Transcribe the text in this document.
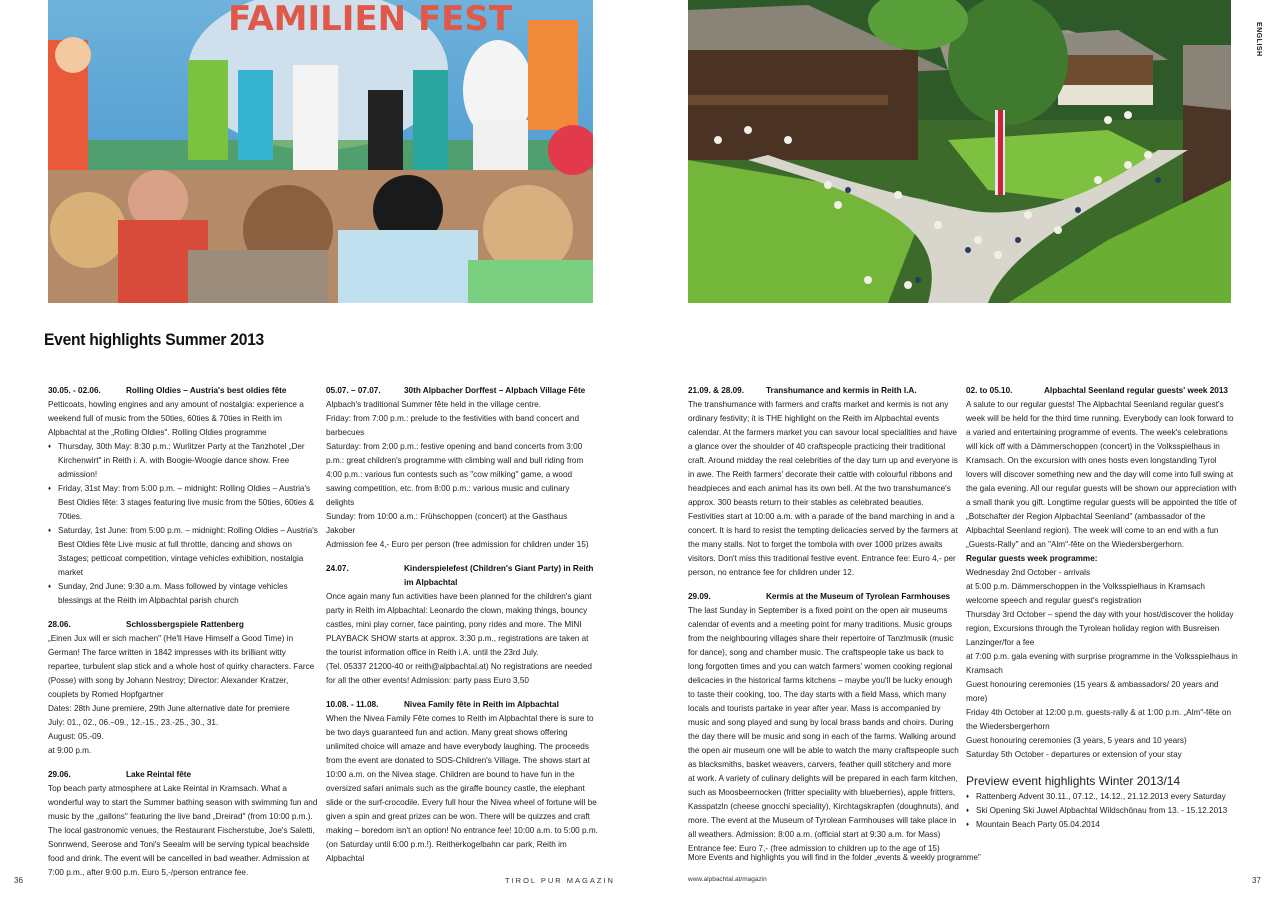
FAMILIEN FEST
ENGLISH
Event highlights Summer 2013
30.05. - 02.06.	Rolling Oldies – Austria's best oldies fête

Petticoats, howling engines and any amount of nostalgia: experience a weekend full of music from the 50ties, 60ties & 70ties in Reith im Alpbachtal at the „Rolling Oldies". Rolling Oldies programme

♦ Thursday, 30th May: 8:30 p.m.: Wurlitzer Party at the Tanzhotel „Der Kirchenwirt" in Reith i. A. with Boogie-Woogie dance show. Free admission!
♦ Friday, 31st May: from 5:00 p.m. – midnight: Rolling Oldies – Austria's Best Oldies fête: 3 stages featuring live music from the 50ties, 60ties & 70ties.
♦ Saturday, 1st June: from 5:00 p.m. – midnight: Rolling Oldies – Austria's Best Oldies fête Live music at full throttle, dancing and shows on 3stages; petticoat competition, vintage vehicles exhibition, nostalgia market
♦ Sunday, 2nd June: 9:30 a.m. Mass followed by vintage vehicles blessings at the Reith im Alpbachtal parish church
28.06.	Schlossbergspiele Rattenberg

„Einen Jux will er sich machen" (He'll Have Himself a Good Time) in German! The farce written in 1842 impresses with its brilliant witty repartee, turbulent slap stick and a whole host of quirky characters. Farce (Posse) with song by Johann Nestroy; Director: Alexander Kratzer, couplets by Romed Hopfgartner

Dates: 28th June premiere, 29th June alternative date for premiere

July: 01., 02., 06.–09., 12.-15., 23.-25., 30., 31.

August: 05.-09.

at 9:00 p.m.

29.06.	Lake Reintal fête

Top beach party atmosphere at Lake Reintal in Kramsach. What a wonderful way to start the Summer bathing season with swimming fun and music by the „gallons" featuring the live band „Dreirad" (from 10:00 p.m.). The local gastronomic venues, the Restaurant Fischerstube, Joe's Saletti, Sonnwend, Seerose and Toni's Seealm will be serving typical beachside food and drink. The event will be cancelled in bad weather. Admission at 7:00 p.m., after 9:00 p.m. Euro 5,-/person entrance fee.

05.07. – 07.07.	30th Alpbacher Dorffest – Alpbach Village Fête

Alpbach's traditional Summer fête held in the village centre.

Friday: from 7:00 p.m.: prelude to the festivities with band concert and barbecues

Saturday: from 2:00 p.m.: festive opening and band concerts from 3:00 p.m.: great children's programme with climbing wall and bull riding from 4:00 p.m.: various fun contests such as "cow milking" game, a wood sawing competition, etc. from 8:00 p.m.: various music and culinary delights

Sunday: from 10:00 a.m.: Frühschoppen (concert) at the Gasthaus Jakober

Admission fee 4,- Euro per person (free admission for children under 15)

24.07.	Kinderspielefest (Children's Giant Party) in Reith im Alpbachtal

Once again many fun activities have been planned for the children's giant party in Reith im Alpbachtal: Leonardo the clown, making things, bouncy castles, mini play corner, face painting, pony rides and more. The MINI PLAYBACK SHOW starts at approx. 3:30 p.m., registrations are taken at the tourist information office in Reith i.A. until the 23rd July.

(Tel. 05337 21200-40 or reith@alpbachtal.at) No registrations are needed for all the other events! Admission: party pass Euro 3,50

10.08. - 11.08.	Nivea Family fête in Reith im Alpbachtal

When the Nivea Family Fête comes to Reith im Alpbachtal there is sure to be two days guaranteed fun and action. Many great shows offering unlimited choice will amaze and have everybody laughing. The proceeds from the event are donated to SOS-Children's Village. The shows start at 10:00 a.m. on the Nivea stage. Children are bound to have fun in the oversized safari animals such as the giraffe bouncy castle, the elephant slide or the surf-crocodile. Every full hour the Nivea wheel of fortune will be given a spin and great prizes can be won. There will be quizzes and craft making – boredom isn't an option! No entrance fee! 10:00 a.m. to 5:00 p.m. (on Saturday until 6:00 p.m.!). Reitherkogelbahn car park, Reith im Alpbachtal

21.09. & 28.09.	Transhumance and kermis in Reith I.A.

The transhumance with farmers and crafts market and kermis is not any ordinary festivity; it is THE highlight on the Reith im Alpbachtal events calendar. At the farmers market you can savour local specialities and have a glance over the shoulder of 40 craftspeople practicing their traditional craft. Around midday the real celebrities of the day turn up and everyone is in awe. The Reith farmers' decorate their cattle with colourful ribbons and headpieces and each animal has its own bell. At the two transhumance's approx. 300 beasts return to their stables as celebrated beauties. Festivities start at 10:00 a.m. with a parade of the band marching in and a concert. It is hard to resist the tempting delicacies served by the farmers at the many stalls. Not to forget the tombola with over 1000 prizes awaits visitors. Don't miss this traditional festive event. Entrance fee: Euro 4,- per person, no entrance fee for children under 12.

29.09.	Kermis at the Museum of Tyrolean Farmhouses

The last Sunday in September is a fixed point on the open air museums calendar of events and a meeting point for many traditions. Music groups from the neighbouring villages share their repertoire of Tanzlmusik (music for dance), song and chamber music. The craftspeople take us back to long forgotten times and you can watch farmers' women cooking regional delicacies in the historical farms kitchens – maybe you'll be lucky enough to taste their cooking, too. The day starts with a field Mass, which many locals and tourists partake in year after year. Mass is accompanied by music and song played and sung by local brass bands and choirs. During the day there will be music and song in each of the farms. Walking around the open air museum one will be able to watch the many craftspeople such as blacksmiths, basket weavers, carvers, feather quill stitchery and more at work. A variety of culinary delights will be prepared in each farm kitchen, such as Moosbeernocken (fritter speciality with blueberries), apple fritters, Kasspatzln (cheese gnocchi speciality), Kirchtagskrapfen (doughnuts), and more. The event at the Museum of Tyrolean Farmhouses will take place in all weathers. Admission: 8:00 a.m. (official start at 9:30 a.m. for Mass)

Entrance fee: Euro 7,- (free admission to children up to the age of 15)

02. to 05.10.	Alpbachtal Seenland regular guests' week 2013

A salute to our regular guests! The Alpbachtal Seenland regular guest's week will be held for the third time running. Everybody can look forward to a varied and entertaining programme of events. The week's celebrations will kick off with a Dämmerschoppen (concert) in the Volksspielhaus in Kramsach. On the excursion with ones hosts even longstanding Tyrol lovers will discover something new and the day will come into full swing at the gala evening. All our regular guests will be shown our appreciation with a small thank you gift. Longtime regular guests will be appointed the title of „Botschafter der Region Alpbachtal Seenland" (ambassador of the Alpbachtal Seenland region). The week will come to an end with a fun „Guests-Rally" and an "Alm"-fête on the Wiedersbergerhorn.

Regular guests week programme:

Wednesday 2nd October - arrivals

at 5:00 p.m. Dämmerschoppen in the Volksspielhaus in Kramsach

welcome speech and regular guest's registration

Thursday 3rd October – spend the day with your host/discover the holiday region, Excursions through the Tyrolean holiday region with Busreisen Lanzinger/for a fee

at 7:00 p.m. gala evening with surprise programme in the Volksspielhaus in Kramsach

Guest honouring ceremonies (15 years & ambassadors/ 20 years and more)

Friday 4th October at 12:00 p.m. guests-rally & at 1:00 p.m. „Alm"-fête on the Wiedersbergerhorn

Guest honouring ceremonies (3 years, 5 years and 10 years)

Saturday 5th October - departures or extension of your stay

Preview event highlights Winter 2013/14
♦ Rattenberg Advent 30.11., 07.12., 14.12., 21.12.2013 every Saturday
♦ Ski Opening Ski Juwel Alpbachtal Wildschönau from 13. - 15.12.2013
♦ Mountain Beach Party 05.04.2014
More Events and highlights you will find in the folder „events & weekly programme"
36	TIROL PUR MAGAZIN	www.alpbachtal.at/magazin	37
